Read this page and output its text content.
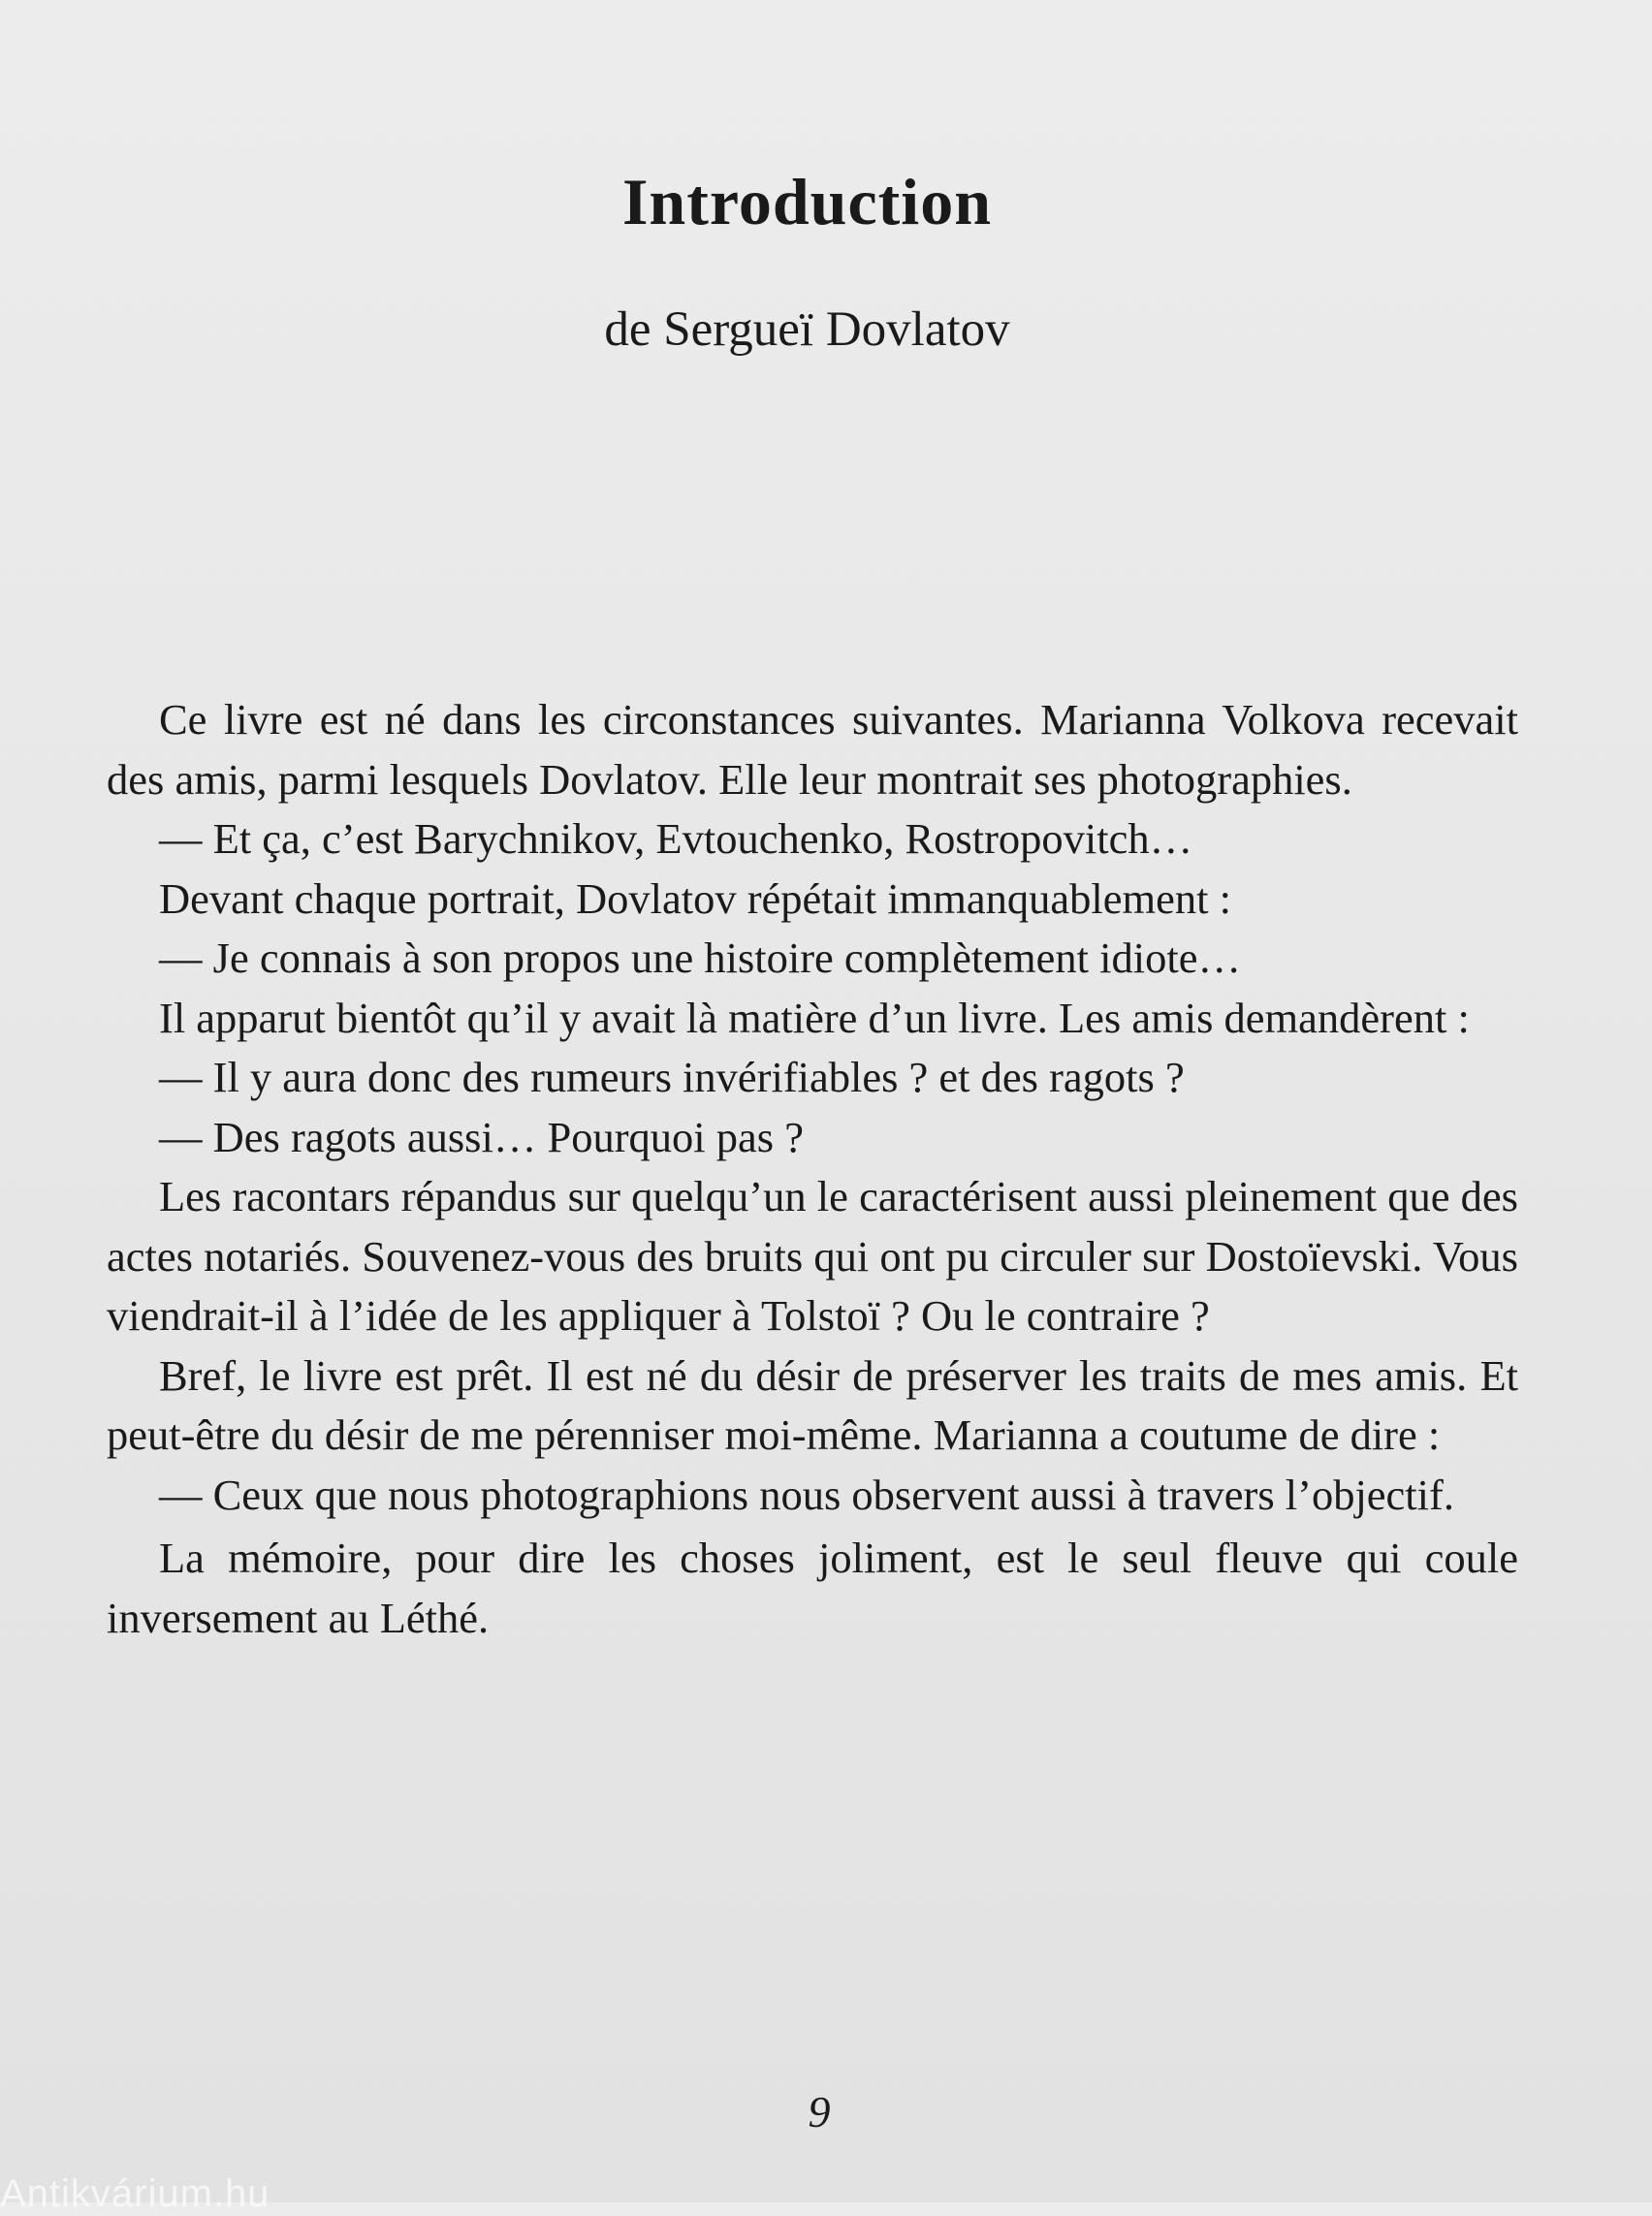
Introduction
de Sergueï Dovlatov

Ce livre est né dans les circonstances suivantes. Marianna Volkova recevait des amis, parmi lesquels Dovlatov. Elle leur montrait ses photographies.

— Et ça, c’est Barychnikov, Evtouchenko, Rostropovitch…

Devant chaque portrait, Dovlatov répétait immanquablement :

— Je connais à son propos une histoire complètement idiote…

Il apparut bientôt qu’il y avait là matière d’un livre. Les amis demandèrent :

— Il y aura donc des rumeurs invérifiables ? et des ragots ?

— Des ragots aussi… Pourquoi pas ?

Les racontars répandus sur quelqu’un le caractérisent aussi pleinement que des actes notariés. Souvenez-vous des bruits qui ont pu circuler sur Dostoïevski. Vous viendrait-il à l’idée de les appliquer à Tolstoï ? Ou le contraire ?

Bref, le livre est prêt. Il est né du désir de préserver les traits de mes amis. Et peut-être du désir de me pérenniser moi-même. Marianna a coutume de dire :

— Ceux que nous photographions nous observent aussi à travers l’objectif.

La mémoire, pour dire les choses joliment, est le seul fleuve qui coule inversement au Léthé.

9
Antikvárium.hu
